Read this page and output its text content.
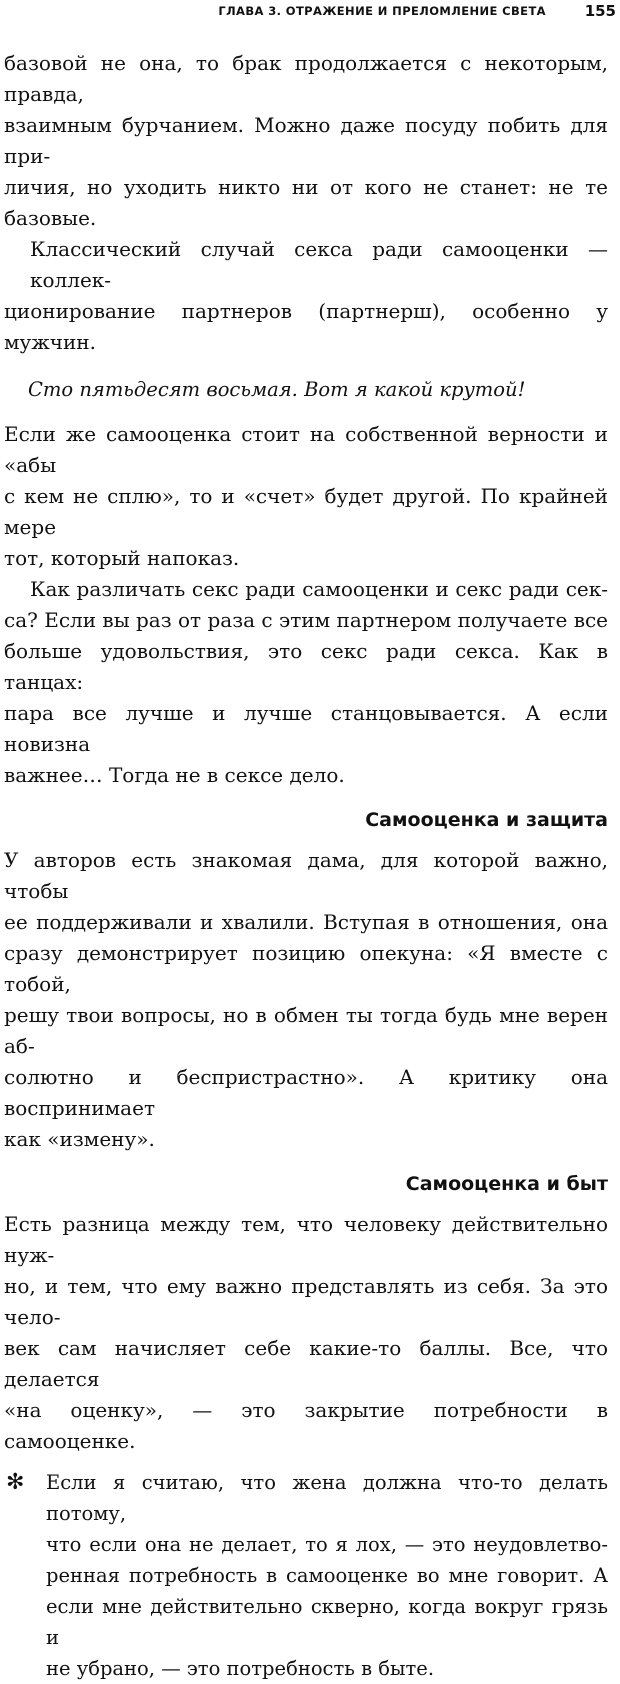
ГЛАВА 3. ОТРАЖЕНИЕ И ПРЕЛОМЛЕНИЕ СВЕТА	155

базовой не она, то брак продолжается с некоторым, правда,
взаимным бурчанием. Можно даже посуду побить для при-
личия, но уходить никто ни от кого не станет: не те базовые.

Классический случай секса ради самооценки — коллек-
ционирование партнеров (партнерш), особенно у мужчин.

Сто пятьдесят восьмая. Вот я какой крутой!

Если же самооценка стоит на собственной верности и «абы
с кем не сплю», то и «счет» будет другой. По крайней мере
тот, который напоказ.

Как различать секс ради самооценки и секс ради сек-
са? Если вы раз от раза с этим партнером получаете все
больше удовольствия, это секс ради секса. Как в танцах:
пара все лучше и лучше станцовывается. А если новизна
важнее… Тогда не в сексе дело.

Самооценка и защита

У авторов есть знакомая дама, для которой важно, чтобы
ее поддерживали и хвалили. Вступая в отношения, она
сразу демонстрирует позицию опекуна: «Я вместе с тобой,
решу твои вопросы, но в обмен ты тогда будь мне верен аб-
солютно и беспристрастно». А критику она воспринимает
как «измену».

Самооценка и быт

Есть разница между тем, что человеку действительно нуж-
но, и тем, что ему важно представлять из себя. За это чело-
век сам начисляет себе какие-то баллы. Все, что делается
«на оценку», — это закрытие потребности в самооценке.

✻ Если я считаю, что жена должна что-то делать потому,
что если она не делает, то я лох, — это неудовлетво-
ренная потребность в самооценке во мне говорит. А
если мне действительно скверно, когда вокруг грязь и
не убрано, — это потребность в быте.
